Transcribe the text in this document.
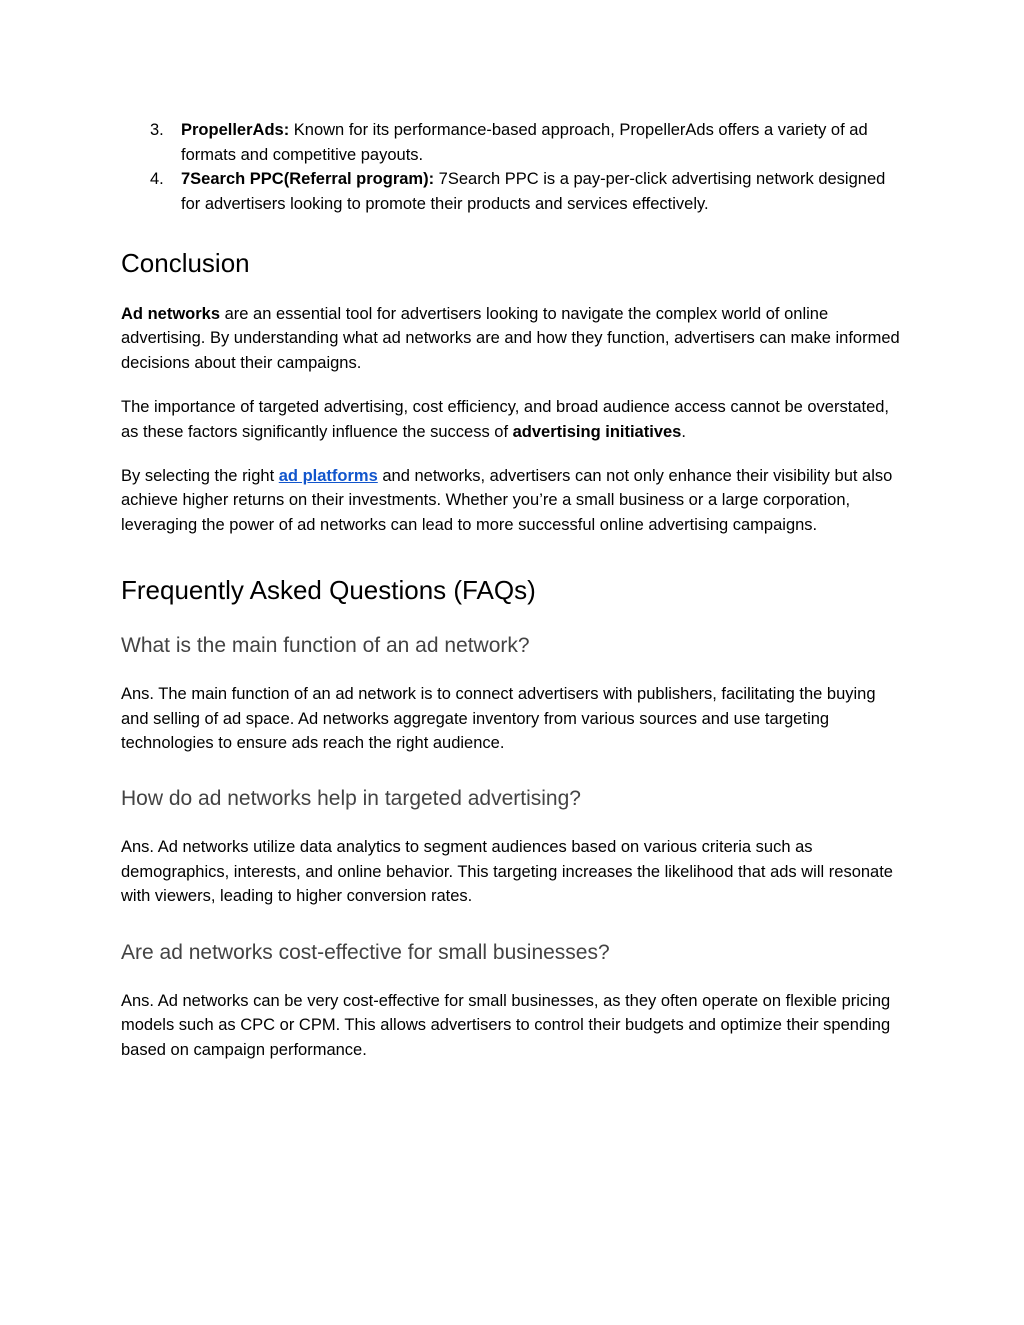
3. PropellerAds: Known for its performance-based approach, PropellerAds offers a variety of ad formats and competitive payouts.
4. 7Search PPC(Referral program): 7Search PPC is a pay-per-click advertising network designed for advertisers looking to promote their products and services effectively.
Conclusion

Ad networks are an essential tool for advertisers looking to navigate the complex world of online advertising. By understanding what ad networks are and how they function, advertisers can make informed decisions about their campaigns.

The importance of targeted advertising, cost efficiency, and broad audience access cannot be overstated, as these factors significantly influence the success of advertising initiatives.

By selecting the right ad platforms and networks, advertisers can not only enhance their visibility but also achieve higher returns on their investments. Whether you’re a small business or a large corporation, leveraging the power of ad networks can lead to more successful online advertising campaigns.

Frequently Asked Questions (FAQs)
What is the main function of an ad network?

Ans. The main function of an ad network is to connect advertisers with publishers, facilitating the buying and selling of ad space. Ad networks aggregate inventory from various sources and use targeting technologies to ensure ads reach the right audience.

How do ad networks help in targeted advertising?

Ans. Ad networks utilize data analytics to segment audiences based on various criteria such as demographics, interests, and online behavior. This targeting increases the likelihood that ads will resonate with viewers, leading to higher conversion rates.

Are ad networks cost-effective for small businesses?

Ans. Ad networks can be very cost-effective for small businesses, as they often operate on flexible pricing models such as CPC or CPM. This allows advertisers to control their budgets and optimize their spending based on campaign performance.
